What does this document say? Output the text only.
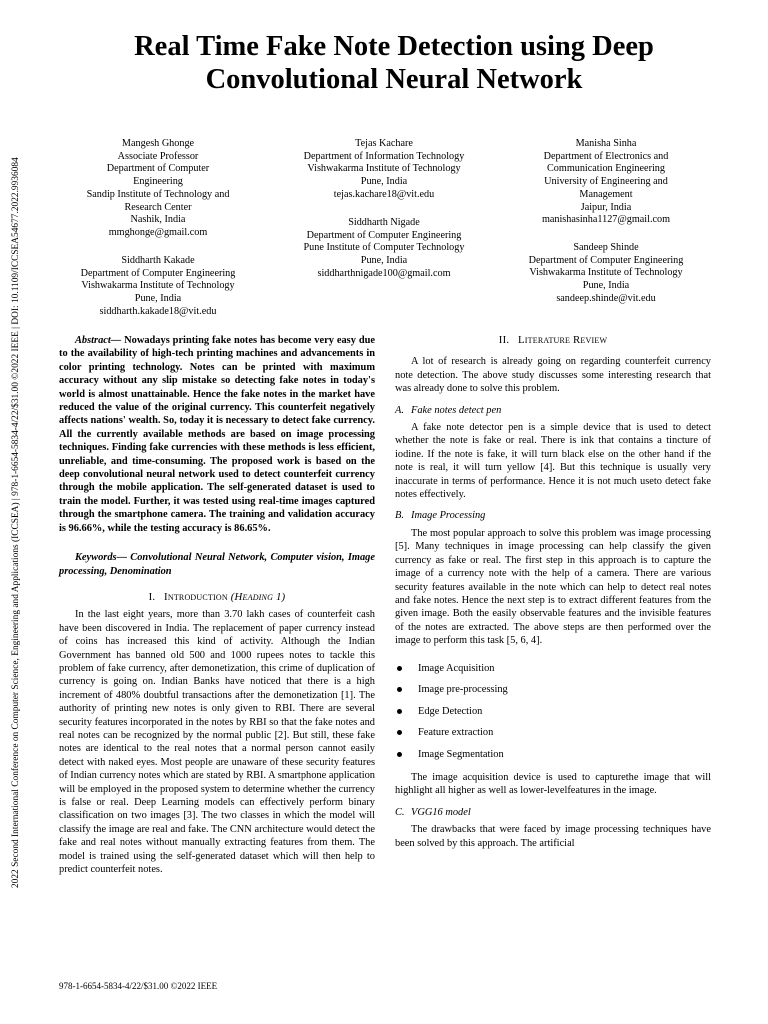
2022 Second International Conference on Computer Science, Engineering and Applications (ICCSEA) | 978-1-6654-5834-4/22/$31.00 ©2022 IEEE | DOI: 10.1109/ICCSEA54677.2022.9936084
Real Time Fake Note Detection using Deep
Convolutional Neural Network
Mangesh Ghonge
Associate Professor
Department of Computer
Engineering
Sandip Institute of Technology and
Research Center
Nashik, India
mmghonge@gmail.com
Siddharth Kakade
Department of Computer Engineering
Vishwakarma Institute of Technology
Pune, India
siddharth.kakade18@vit.edu
Tejas Kachare
Department of Information Technology
Vishwakarma Institute of Technology
Pune, India
tejas.kachare18@vit.edu
Siddharth Nigade
Department of Computer Engineering
Pune Institute of Computer Technology
Pune, India
siddharthnigade100@gmail.com
Manisha Sinha
Department of Electronics and
Communication Engineering
University of Engineering and
Management
Jaipur, India
manishasinha1127@gmail.com
Sandeep Shinde
Department of Computer Engineering
Vishwakarma Institute of Technology
Pune, India
sandeep.shinde@vit.edu

Abstract— Nowadays printing fake notes has become very easy due to the availability of high-tech printing machines and advancements in color printing technology. Notes can be printed with maximum accuracy without any slip mistake so detecting fake notes in today's world is almost unattainable. Hence the fake notes in the market have reduced the value of the original currency. This counterfeit negatively affects nations' wealth. So, today it is necessary to detect fake currency. All the currently available methods are based on image processing techniques. Finding fake currencies with these methods is less efficient, unreliable, and time-consuming. The proposed work is based on the deep convolutional neural network used to detect counterfeit currency through the mobile application. The self-generated dataset is used to train the model. Further, it was tested using real-time images captured through the smartphone camera. The training and validation accuracy is 96.66%, while the testing accuracy is 86.65%.

Keywords— Convolutional Neural Network, Computer vision, Image processing, Denomination

I. Introduction (Heading 1)

In the last eight years, more than 3.70 lakh cases of counterfeit cash have been discovered in India. The replacement of paper currency instead of coins has increased this kind of activity. Although the Indian Government has banned old 500 and 1000 rupees notes to tackle this problem of fake currency, after demonetization, this crime of duplication of currency is going on. Indian Banks have noticed that there is a high increment of 480% doubtful transactions after the demonetization [1]. The authority of printing new notes is only given to RBI. There are several security features incorporated in the notes by RBI so that the fake notes and real notes can be recognized by the normal public [2]. But still, these fake notes are identical to the real notes that a normal person cannot easily detect with naked eyes. Most people are unaware of these security features of Indian currency notes which are stated by RBI. A smartphone application will be employed in the proposed system to determine whether the currency is false or real. Deep Learning models can effectively perform binary classification on two images [3]. The two classes in which the model will classify the image are real and fake. The CNN architecture would detect the fake and real notes without manually extracting features from them. The model is trained using the self-generated dataset which will then help to predict counterfeit notes.

II. Literature Review

A lot of research is already going on regarding counterfeit currency note detection. The above study discusses some interesting research that was already done to solve this problem.

A. Fake notes detect pen

A fake note detector pen is a simple device that is used to detect whether the note is fake or real. There is ink that contains a tincture of iodine. If the note is fake, it will turn black else on the other hand if the note is real, it will turn yellow [4]. But this technique is usually very inaccurate in terms of performance. Hence it is not much useto detect fake notes effectively.

B. Image Processing

The most popular approach to solve this problem was image processing [5]. Many techniques in image processing can help classify the given currency as fake or real. The first step in this approach is to capture the image of a currency note with the help of a camera. There are various security features available in the note which can help to detect real notes and fake notes. Hence the next step is to extract different features from the given image. Both the easily observable features and the invisible features of the notes are extracted. The above steps are then performed over the image to perform this task [5, 6, 4].

Image Acquisition
Image pre-processing
Edge Detection
Feature extraction
Image Segmentation

The image acquisition device is used to capturethe image that will highlight all higher as well as lower-levelfeatures in the image.

C. VGG16 model

The drawbacks that were faced by image processing techniques have been solved by this approach. The artificial

978-1-6654-5834-4/22/$31.00 ©2022 IEEE
